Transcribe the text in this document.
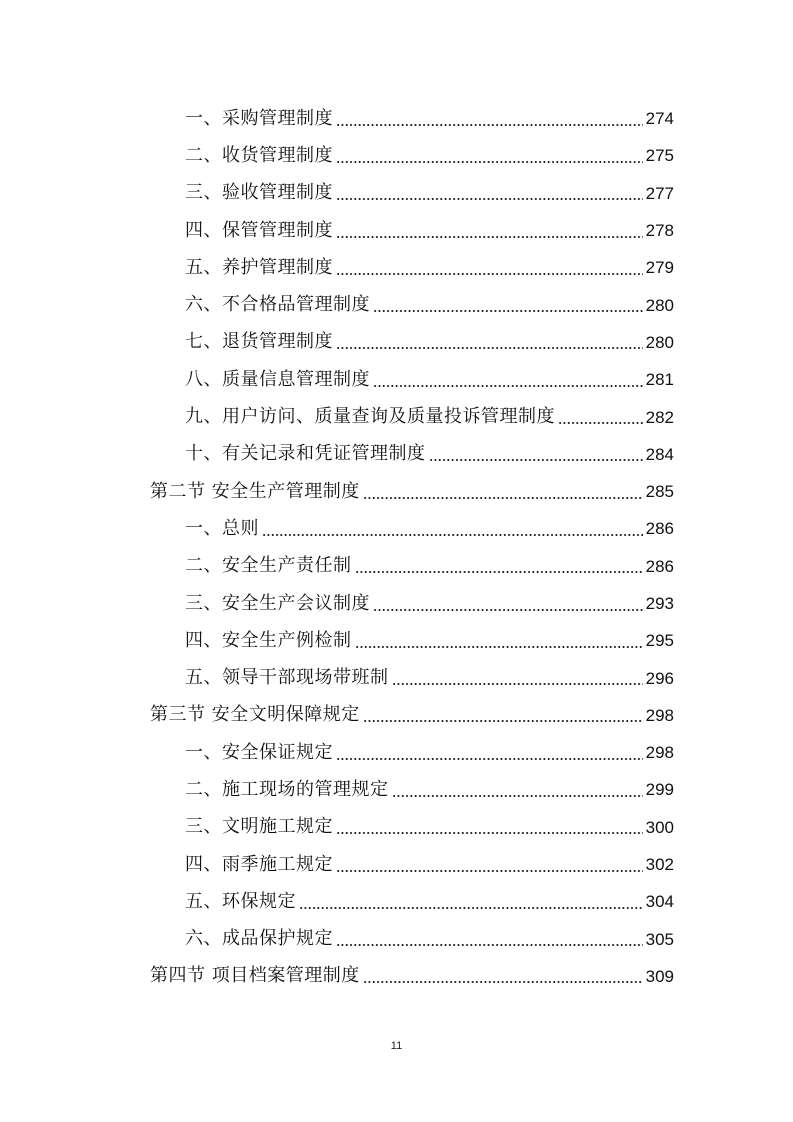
一、采购管理制度	274
二、收货管理制度	275
三、验收管理制度	277
四、保管管理制度	278
五、养护管理制度	279
六、不合格品管理制度	280
七、退货管理制度	280
八、质量信息管理制度	281
九、用户访问、质量查询及质量投诉管理制度	282
十、有关记录和凭证管理制度	284
第二节 安全生产管理制度	285
一、总则	286
二、安全生产责任制	286
三、安全生产会议制度	293
四、安全生产例检制	295
五、领导干部现场带班制	296
第三节 安全文明保障规定	298
一、安全保证规定	298
二、施工现场的管理规定	299
三、文明施工规定	300
四、雨季施工规定	302
五、环保规定	304
六、成品保护规定	305
第四节 项目档案管理制度	309
11
